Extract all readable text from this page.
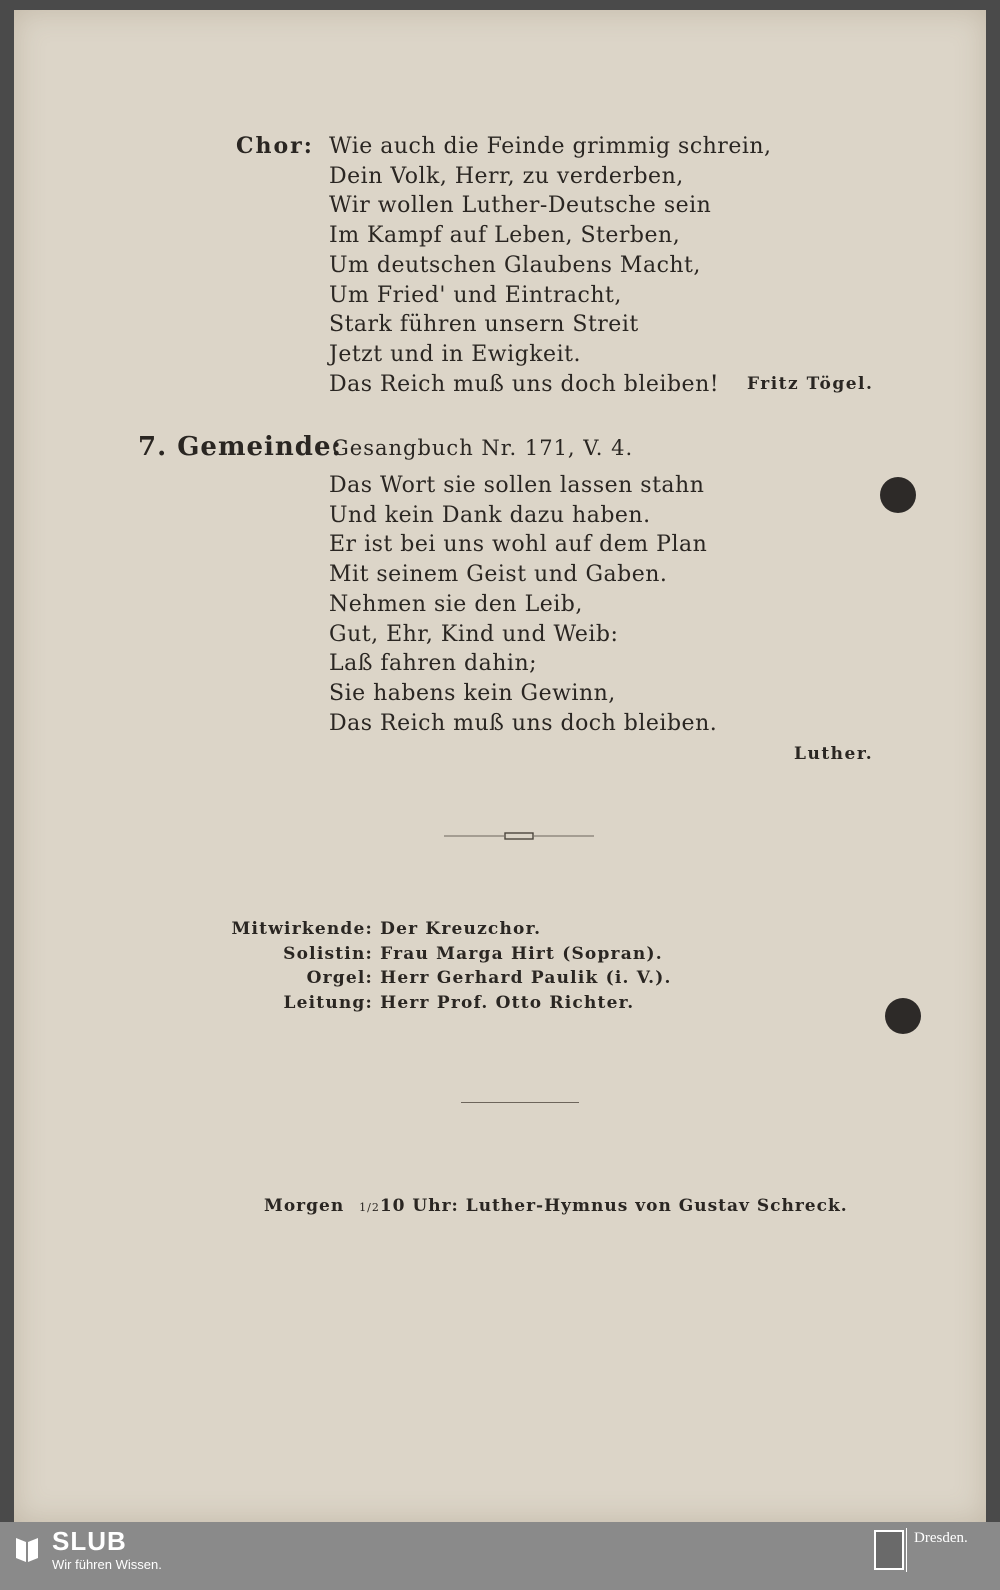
Chor: Wie auch die Feinde grimmig schrein,
Dein Volk, Herr, zu verderben,
Wir wollen Luther-Deutsche sein
Im Kampf auf Leben, Sterben,
Um deutschen Glaubens Macht,
Um Fried' und Eintracht,
Stark führen unsern Streit
Jetzt und in Ewigkeit.
Das Reich muß uns doch bleiben!	Fritz Tögel.
7. Gemeinde:
Gesangbuch Nr. 171, V. 4.
Das Wort sie sollen lassen stahn
Und kein Dank dazu haben.
Er ist bei uns wohl auf dem Plan
Mit seinem Geist und Gaben.
Nehmen sie den Leib,
Gut, Ehr, Kind und Weib:
Laß fahren dahin;
Sie habens kein Gewinn,
Das Reich muß uns doch bleiben.
Luther.
Mitwirkende: Der Kreuzchor.
Solistin: Frau Marga Hirt (Sopran).
Orgel: Herr Gerhard Paulik (i. V.).
Leitung: Herr Prof. Otto Richter.
Morgen 1/210 Uhr: Luther-Hymnus von Gustav Schreck.
SLUB
Wir führen Wissen.
Dresden.
